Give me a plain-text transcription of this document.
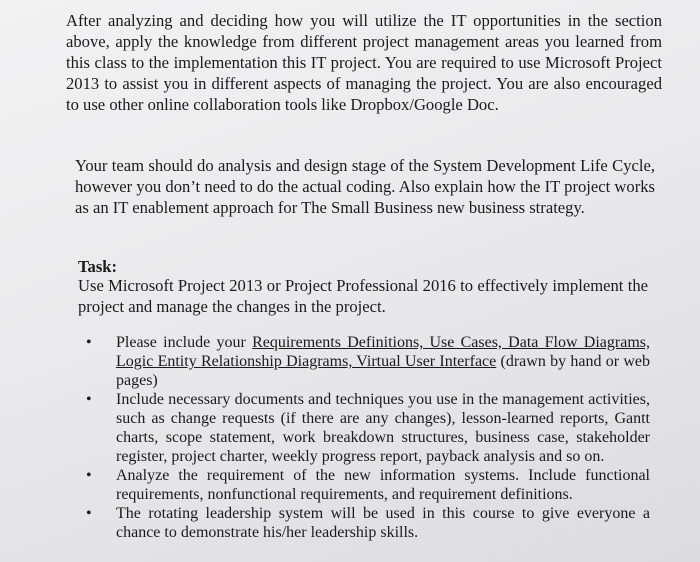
After analyzing and deciding how you will utilize the IT opportunities in the section above, apply the knowledge from different project management areas you learned from this class to the implementation this IT project. You are required to use Microsoft Project 2013 to assist you in different aspects of managing the project. You are also encouraged to use other online collaboration tools like Dropbox/Google Doc.

Your team should do analysis and design stage of the System Development Life Cycle, however you don’t need to do the actual coding. Also explain how the IT project works as an IT enablement approach for The Small Business new business strategy.

Task:

Use Microsoft Project 2013 or Project Professional 2016 to effectively implement the project and manage the changes in the project.

• Please include your Requirements Definitions, Use Cases, Data Flow Diagrams, Logic Entity Relationship Diagrams, Virtual User Interface (drawn by hand or web pages)
• Include necessary documents and techniques you use in the management activities, such as change requests (if there are any changes), lesson-learned reports, Gantt charts, scope statement, work breakdown structures, business case, stakeholder register, project charter, weekly progress report, payback analysis and so on.
• Analyze the requirement of the new information systems. Include functional requirements, nonfunctional requirements, and requirement definitions.
• The rotating leadership system will be used in this course to give everyone a chance to demonstrate his/her leadership skills.
